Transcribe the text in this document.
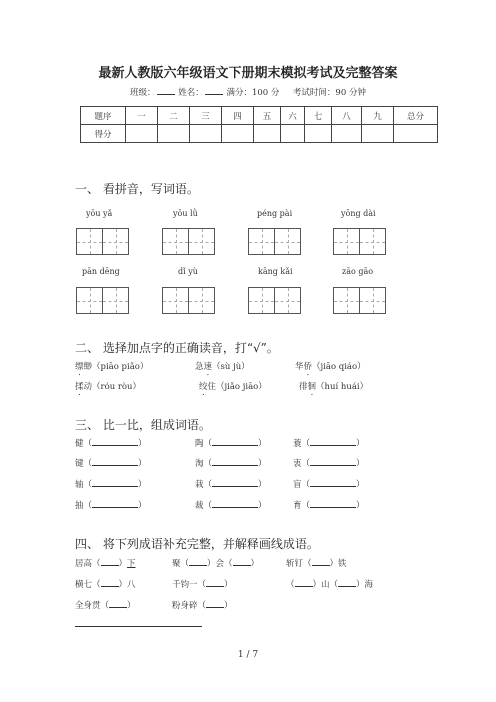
最新人教版六年级语文下册期末模拟考试及完整答案
班级：	姓名：	满分：100 分 考试时间：90 分钟
题序	一	二	三	四	五	六	七	八	九	总分
得分										
一、 看拼音，写词语。
yōu yǎ	yōu lǜ	péng pài	yōng dài
pān dēng	dǐ yù	kāng kǎi	zāo gāo
二、 选择加点字的正确读音，打“√”。
缥缈（piāo piǎo）	急速（sù jù）	华侨（jiāo qiáo）
揉动（róu ròu）	绞住（jiǎo jiāo）	徘徊（huí huái）
三、 比一比，组成词语。
健（	）	陶（	）	蓑（	）
键（	）	淘（	）	衷（	）
轴（	）	栽（	）	盲（	）
抽（	）	裁（	）	育（	）
四、 将下列成语补充完整，并解释画线成语。
居高（ ）下	聚（ ）会（ ）	斩钉（ ）铁
横七（ ）八	千钧一（ ）	（ ）山（ ）海
全身贯（ ）	粉身碎（ ）
1 / 7
